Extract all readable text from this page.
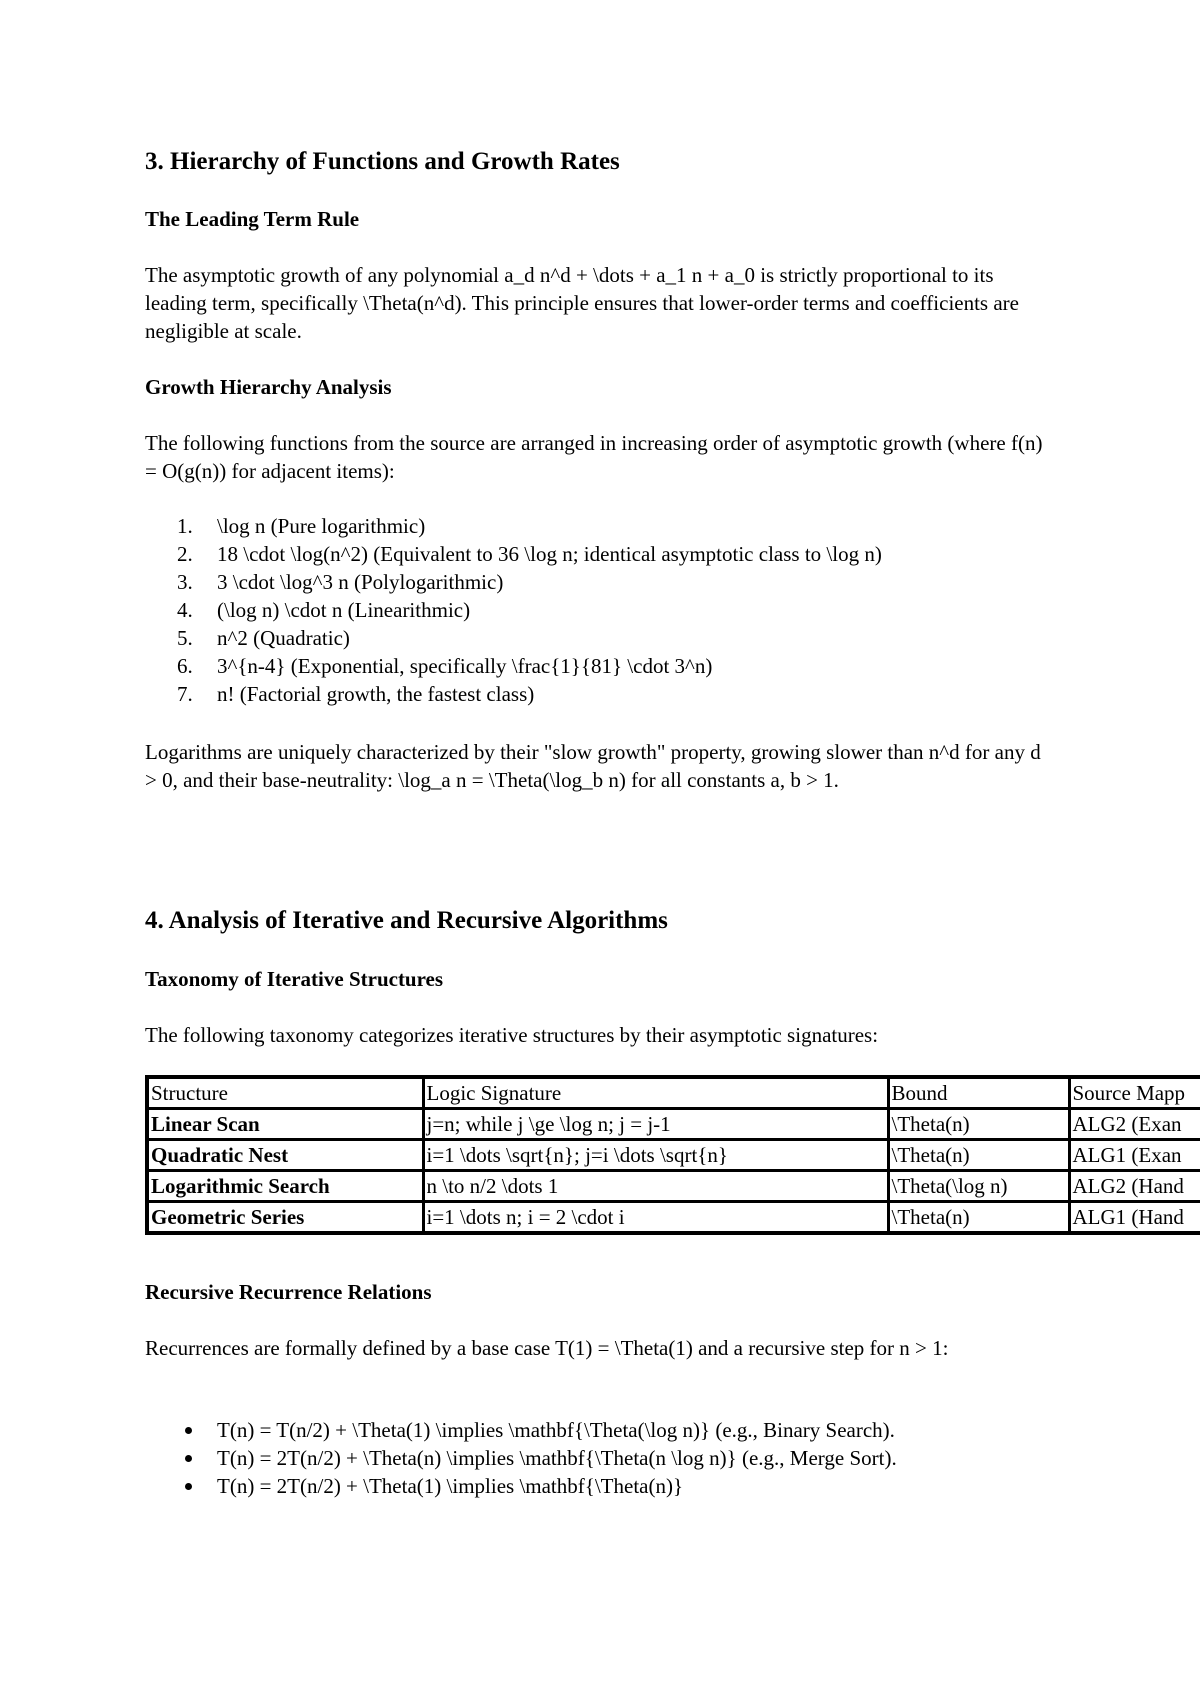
3. Hierarchy of Functions and Growth Rates
The Leading Term Rule
The asymptotic growth of any polynomial a_d n^d + \dots + a_1 n + a_0 is strictly proportional to its leading term, specifically \Theta(n^d). This principle ensures that lower-order terms and coefficients are negligible at scale.
Growth Hierarchy Analysis
The following functions from the source are arranged in increasing order of asymptotic growth (where f(n) = O(g(n)) for adjacent items):
1. \log n (Pure logarithmic)
2. 18 \cdot \log(n^2) (Equivalent to 36 \log n; identical asymptotic class to \log n)
3. 3 \cdot \log^3 n (Polylogarithmic)
4. (\log n) \cdot n (Linearithmic)
5. n^2 (Quadratic)
6. 3^{n-4} (Exponential, specifically \frac{1}{81} \cdot 3^n)
7. n! (Factorial growth, the fastest class)
Logarithms are uniquely characterized by their "slow growth" property, growing slower than n^d for any d > 0, and their base-neutrality: \log_a n = \Theta(\log_b n) for all constants a, b > 1.
4. Analysis of Iterative and Recursive Algorithms
Taxonomy of Iterative Structures
The following taxonomy categorizes iterative structures by their asymptotic signatures:
Structure	Logic Signature	Bound	Source Mapp
Linear Scan	j=n; while j \ge \log n; j = j-1	\Theta(n)	ALG2 (Exan
Quadratic Nest	i=1 \dots \sqrt{n}; j=i \dots \sqrt{n}	\Theta(n)	ALG1 (Exan
Logarithmic Search	n \to n/2 \dots 1	\Theta(\log n)	ALG2 (Hand
Geometric Series	i=1 \dots n; i = 2 \cdot i	\Theta(n)	ALG1 (Hand
Recursive Recurrence Relations
Recurrences are formally defined by a base case T(1) = \Theta(1) and a recursive step for n > 1:
T(n) = T(n/2) + \Theta(1) \implies \mathbf{\Theta(\log n)} (e.g., Binary Search).
T(n) = 2T(n/2) + \Theta(n) \implies \mathbf{\Theta(n \log n)} (e.g., Merge Sort).
T(n) = 2T(n/2) + \Theta(1) \implies \mathbf{\Theta(n)}
